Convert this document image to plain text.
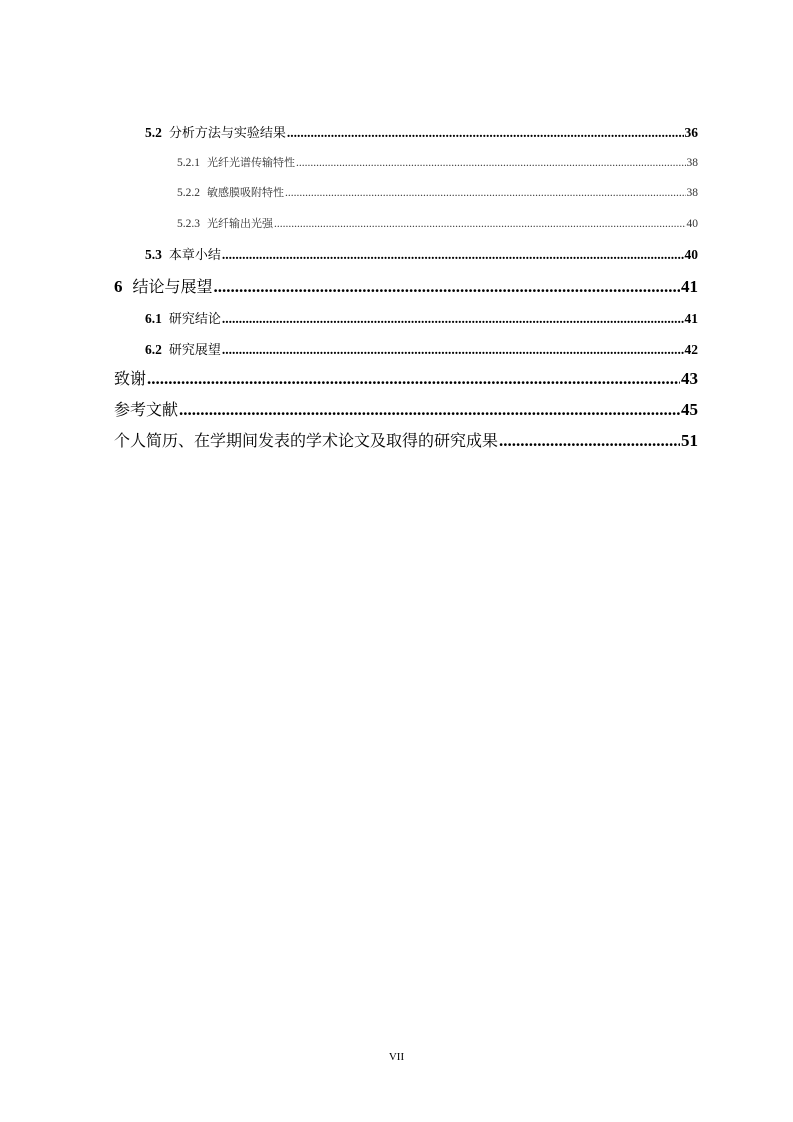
5.2 分析方法与实验结果 .....	36
5.2.1 光纤光谱传输特性 .....	38
5.2.2 敏感膜吸附特性 .....	38
5.2.3 光纤输出光强 .....	40
5.3 本章小结 .....	40
6 结论与展望 .....	41
6.1 研究结论 .....	41
6.2 研究展望 .....	42
致谢 .....	43
参考文献 .....	45
个人简历、在学期间发表的学术论文及取得的研究成果 .....	51
VII
